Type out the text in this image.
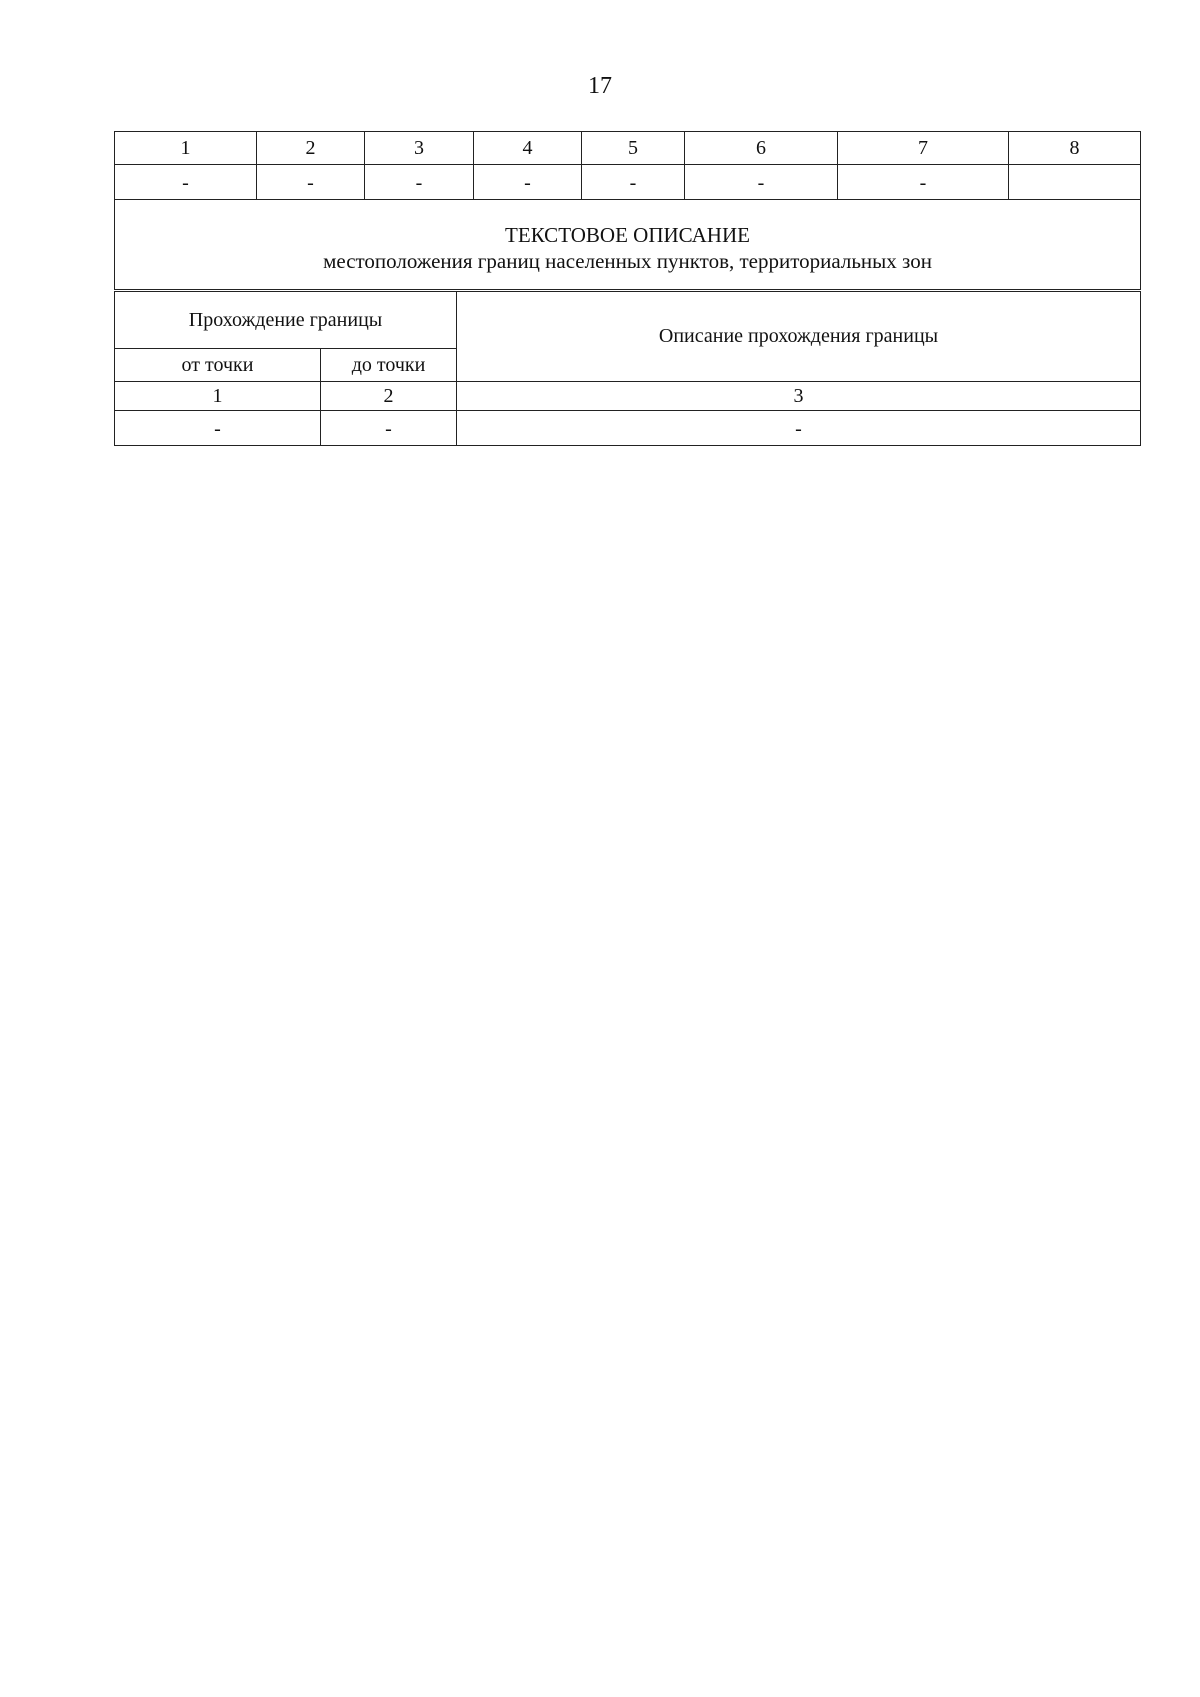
17
1	2	3	4	5	6	7	8
-	-	-	-	-	-	-	

ТЕКСТОВОЕ ОПИСАНИЕ
местоположения границ населенных пунктов, территориальных зон							
Прохождение границы		Описание прохождения границы
от точки	до точки	
1	2	3
-	-	-
